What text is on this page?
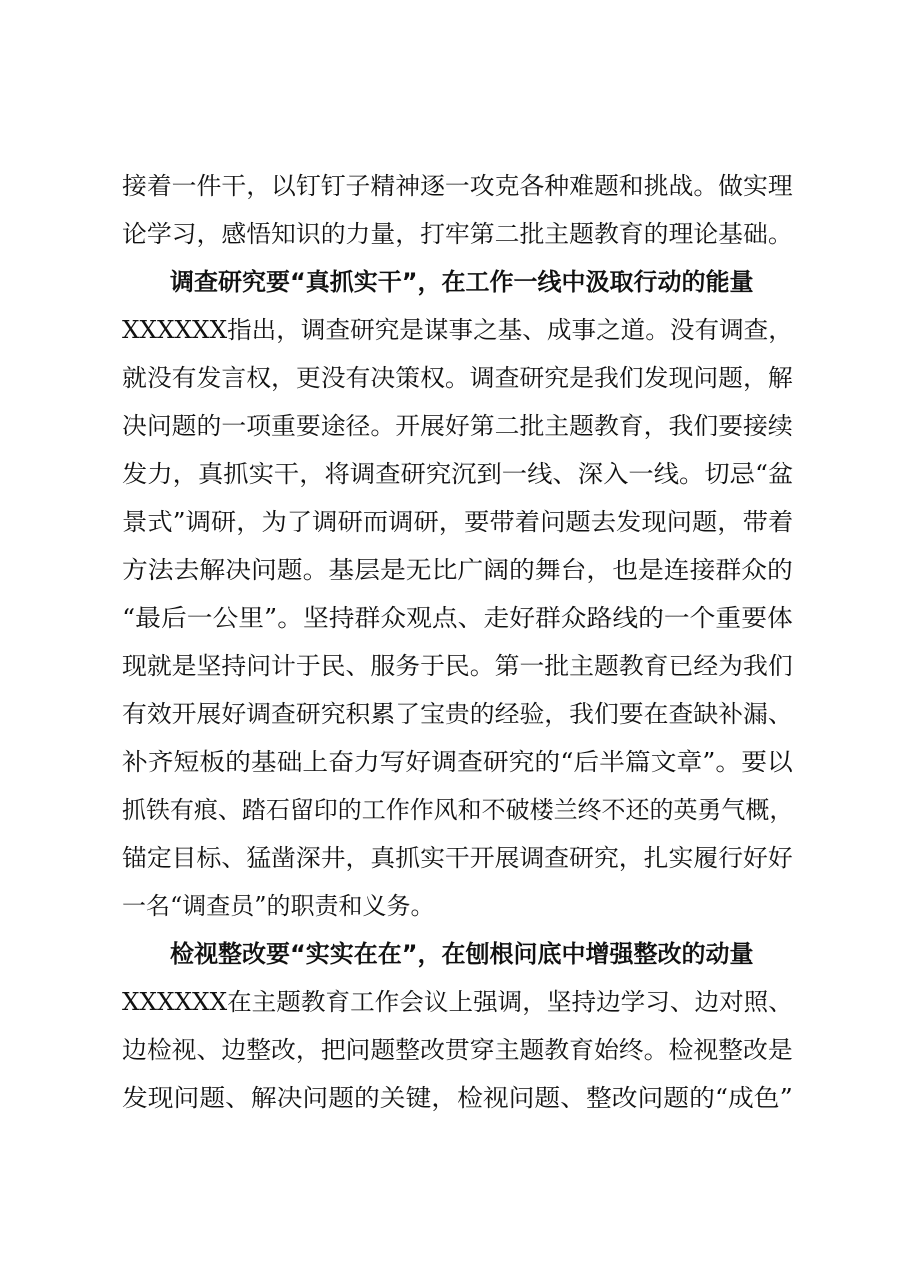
接着一件干，以钉钉子精神逐一攻克各种难题和挑战。做实理
论学习，感悟知识的力量，打牢第二批主题教育的理论基础。
调查研究要“真抓实干”，在工作一线中汲取行动的能量
XXXXXX指出，调查研究是谋事之基、成事之道。没有调查，
就没有发言权，更没有决策权。调查研究是我们发现问题，解
决问题的一项重要途径。开展好第二批主题教育，我们要接续
发力，真抓实干，将调查研究沉到一线、深入一线。切忌“盆
景式”调研，为了调研而调研，要带着问题去发现问题，带着
方法去解决问题。基层是无比广阔的舞台，也是连接群众的
“最后一公里”。坚持群众观点、走好群众路线的一个重要体
现就是坚持问计于民、服务于民。第一批主题教育已经为我们
有效开展好调查研究积累了宝贵的经验，我们要在查缺补漏、
补齐短板的基础上奋力写好调查研究的“后半篇文章”。要以
抓铁有痕、踏石留印的工作作风和不破楼兰终不还的英勇气概，
锚定目标、猛凿深井，真抓实干开展调查研究，扎实履行好好
一名“调查员”的职责和义务。
检视整改要“实实在在”，在刨根问底中增强整改的动量
XXXXXX在主题教育工作会议上强调，坚持边学习、边对照、
边检视、边整改，把问题整改贯穿主题教育始终。检视整改是
发现问题、解决问题的关键，检视问题、整改问题的“成色”
